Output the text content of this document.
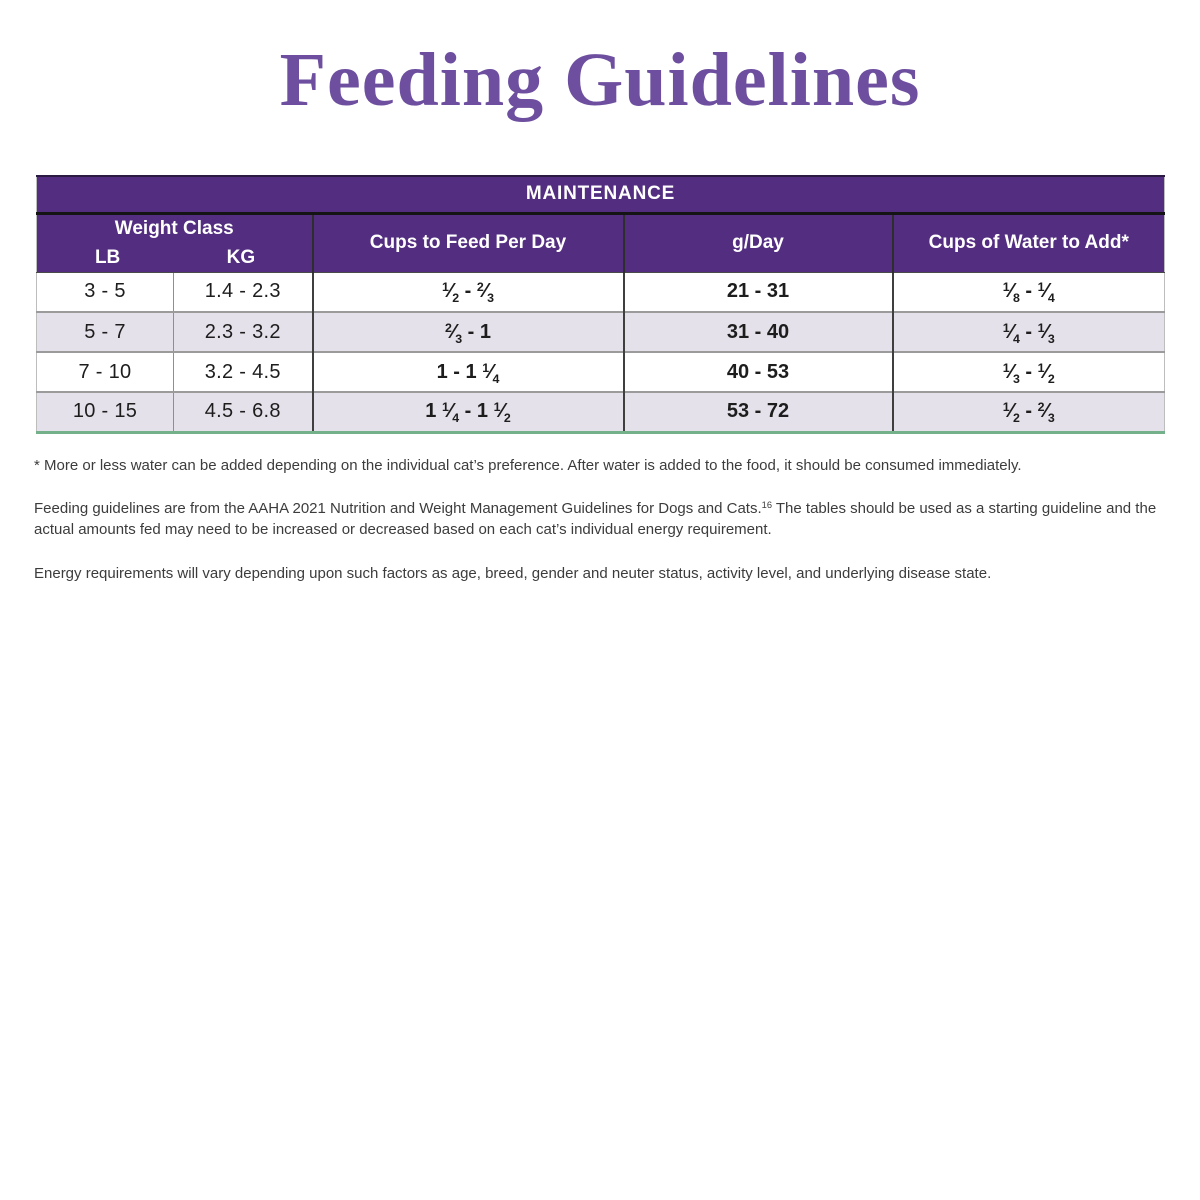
Feeding Guidelines
MAINTENANCE				

Weight Class
LB KG		Cups to Feed Per Day	g/Day	Cups of Water to Add*
3 - 5	1.4 - 2.3	$^1⁄_2$ - $^2⁄_3$	21 - 31	$^1⁄_8$ - $^1⁄_4$
5 - 7	2.3 - 3.2	$^2⁄_3 - 1$	31 - 40	$^1⁄_4$ - $^1⁄_3$
7 - 10	3.2 - 4.5	1 - 1 $^1⁄_4$	40 - 53	$^1⁄_3$ - $^1⁄_2$
10 - 15	4.5 - 6.8	1 $^1⁄_4 - 1$ $^1⁄_2$	53 - 72	$^1⁄_2$ - $^2⁄_3$

* More or less water can be added depending on the individual cat’s preference. After water is added to the food, it should be consumed immediately.

Feeding guidelines are from the AAHA 2021 Nutrition and Weight Management Guidelines for Dogs and Cats.$^{16}$ The tables should be used as a starting guideline and the actual amounts fed may need to be increased or decreased based on each cat’s individual energy requirement.

Energy requirements will vary depending upon such factors as age, breed, gender and neuter status, activity level, and underlying disease state.
